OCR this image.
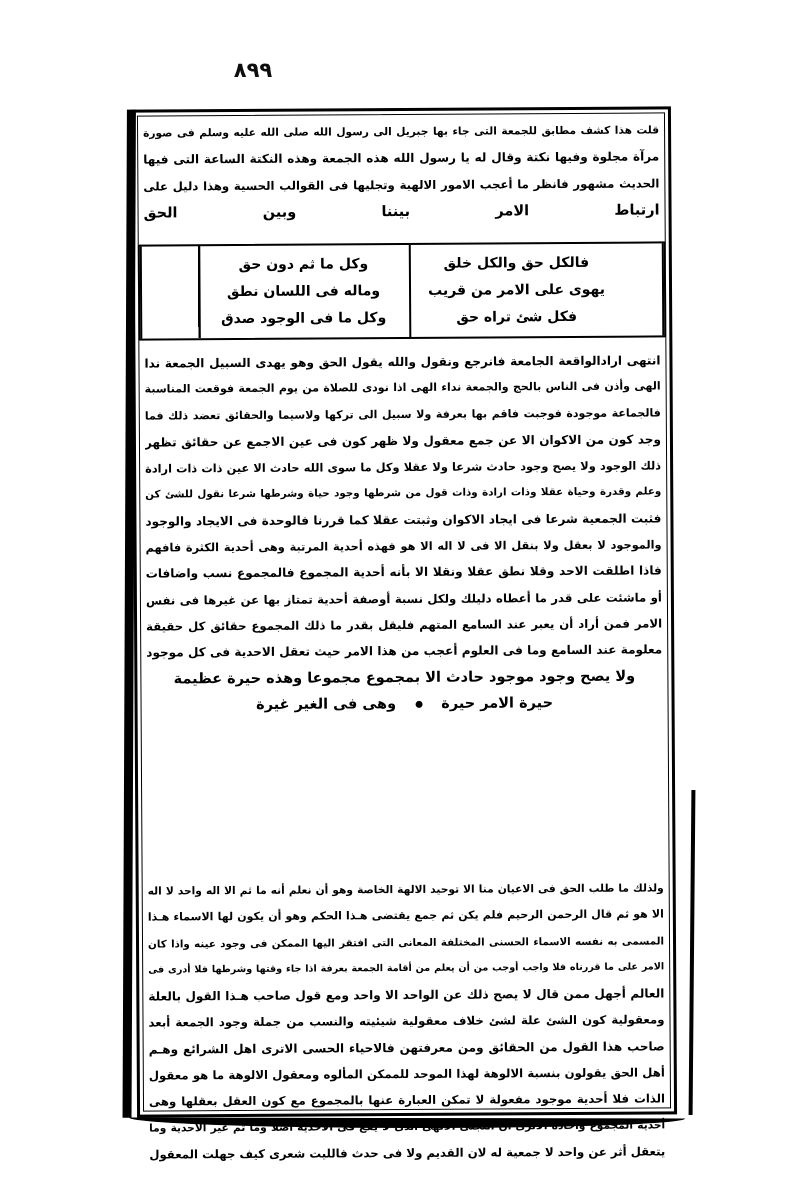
٨٩٩
قلت هذا كشف مطابق للجمعة التى جاء بها جبريل الى رسول الله صلى الله عليه وسلم فى صورة
مرآة مجلوة وفيها نكتة وقال له يا رسول الله هذه الجمعة وهذه النكتة الساعة التى فيها
الحديث مشهور فانظر ما أعجب الامور الالهية وتجليها فى القوالب الحسية وهذا دليل على
ارتباط الامر بيننا وبين الحق
فالكل حق والكل خلق
يهوى على الامر من قريب
فكل شئ تراه حق
وكل ما ثم دون حق
وماله فى اللسان نطق
وكل ما فى الوجود صدق
انتهى ارادالواقعة الجامعة فانرجع ونقول والله يقول الحق وهو يهدى السبيل الجمعة ندا
الهى وأذن فى الناس بالحج والجمعة نداء الهى اذا نودى للصلاة من يوم الجمعة فوقعت المناسبة
فالجماعة موجودة فوجبت فاقم بها بعرفة ولا سبيل الى تركها ولاسيما والحقائق تعضد ذلك فما
وجد كون من الاكوان الا عن جمع معقول ولا ظهر كون فى عين الاجمع عن حقائق تظهر
ذلك الوجود ولا يصح وجود حادث شرعا ولا عقلا وكل ما سوى الله حادث الا عين ذات ذات ارادة
وعلم وقدرة وحياة عقلا وذات ارادة وذات قول من شرطها وجود حياة وشرطها شرعا نقول للشئ كن
فثبت الجمعية شرعا فى ايجاد الاكوان وثبتت عقلا كما قررنا فالوحدة فى الايجاد والوجود
والموجود لا بعقل ولا بنقل الا فى لا اله الا هو فهذه أحدية المرتبة وهى أحدية الكثرة فافهم
فاذا اطلقت الاحد وقلا نطق عقلا ونقلا الا بأنه أحدية المجموع فالمجموع نسب واضافات
أو ماشئت على قدر ما أعطاه دليلك ولكل نسبة أوصفة أحدية تمتاز بها عن غيرها فى نفس
الامر فمن أراد أن يعبر عند السامع المتهم فليقل بقدر ما ذلك المجموع حقائق كل حقيقة
معلومة عند السامع وما فى العلوم أعجب من هذا الامر حيث تعقل الاحدية فى كل موجود
ولا يصح وجود موجود حادث الا بمجموع مجموعا وهذه حيرة عظيمة
حيرة الامر حيرة  وهى فى الغير غيرة
ولذلك ما طلب الحق فى الاعيان منا الا توحيد الالهة الخاصة وهو أن نعلم أنه ما ثم الا اله واحد لا اله
الا هو ثم قال الرحمن الرحيم فلم يكن ثم جمع يقتضى هـذا الحكم وهو أن يكون لها الاسماء هـذا
المسمى به نفسه الاسماء الحسنى المختلفة المعانى التى افتقر اليها الممكن فى وجود عينه واذا كان
الامر على ما قررناه فلا واجب أوجب من أن يعلم من أقامة الجمعة بعرفة اذا جاء وقتها وشرطها فلا أدرى فى
العالم أجهل ممن قال لا يصح ذلك عن الواحد الا واحد ومع قول صاحب هـذا القول بالعلة
ومعقولية كون الشئ علة لشئ خلاف معقولية شيئيته والنسب من جملة وجود الجمعة أبعد
صاحب هذا القول من الحقائق ومن معرفتهن فالاحياء الحسى الاترى اهل الشرائع وهـم
أهل الحق يقولون بنسبة الالوهة لهذا الموحد للممكن المألوه ومعقول الالوهة ما هو معقول
الذات فلا أحدية موجود مفعولة لا تمكن العبارة عنها بالمجموع مع كون العقل بعقلها وهى
أحدية المجموع وآحاده الاترى أن التجلى الالهى الذى لا يقع فى الاحدية أصلا وما ثم غير الاحدية وما
يتعقل أثر عن واحد لا جمعية له لان القديم ولا فى حدث فالليت شعرى كيف جهلت المعقول
